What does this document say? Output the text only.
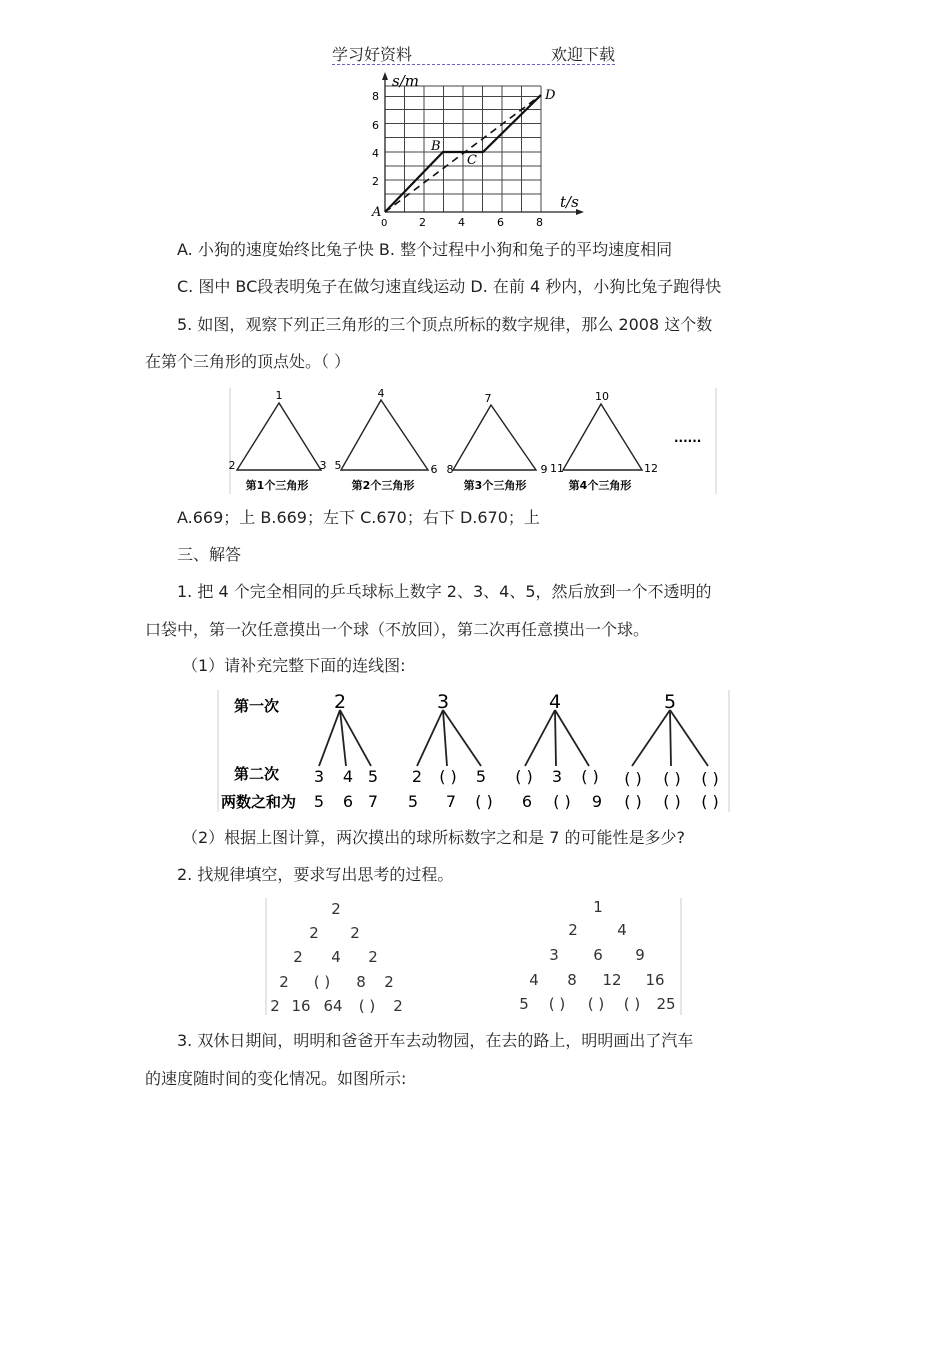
学习好资料	欢迎下载
s/m
t/s
8
6
4
2
2	4	6	8
A
0
B
C
D
A. 小狗的速度始终比兔子快 B. 整个过程中小狗和兔子的平均速度相同
C. 图中 BC段表明兔子在做匀速直线运动 D. 在前 4 秒内，小狗比兔子跑得快
5. 如图，观察下列正三角形的三个顶点所标的数字规律，那么 2008 这个数
在第个三角形的顶点处。（ ）
1
2	3
4
5	6
7
8	9
10
11	12
第1个三角形	第2个三角形	第3个三角形	第4个三角形
......
A.669；上 B.669；左下 C.670；右下 D.670；上
三、解答
1. 把 4 个完全相同的乒乓球标上数字 2、3、4、5，然后放到一个不透明的
口袋中，第一次任意摸出一个球（不放回），第二次再任意摸出一个球。
（1）请补充完整下面的连线图:
第一次
第二次
两数之和为
2	3	4	5
3 4 5 2 ( ) 5 ( ) 3 ( ) ( ) ( ) ( )
5 6 7 5 7 ( ) 6 ( ) 9 ( ) ( ) ( )
（2）根据上图计算，两次摸出的球所标数字之和是 7 的可能性是多少?
2. 找规律填空，要求写出思考的过程。
2
2 2
2 4 2
2 ( ) 8 2
2 16 64 ( ) 2
1
2	4
3 6 9
4 8 12 16
5 ( ) ( ) ( ) 25
3. 双休日期间，明明和爸爸开车去动物园，在去的路上，明明画出了汽车
的速度随时间的变化情况。如图所示:
